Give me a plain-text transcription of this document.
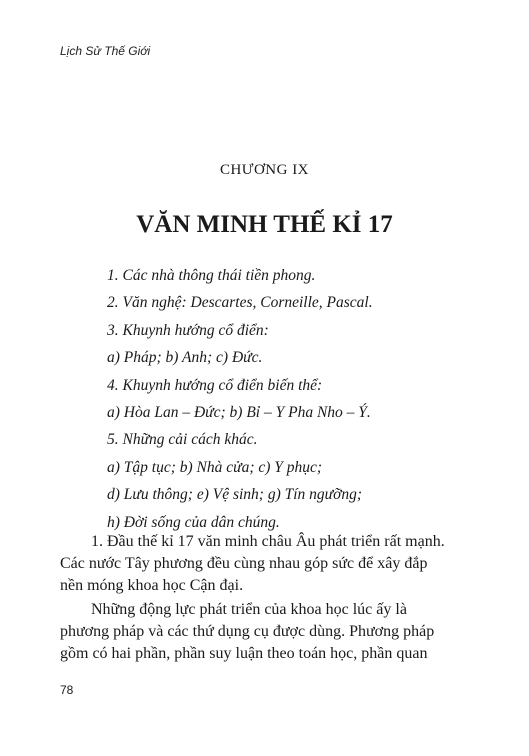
Lịch Sử Thế Giới
CHƯƠNG IX
VĂN MINH THẾ KỈ 17
1. Các nhà thông thái tiền phong.
2. Văn nghệ: Descartes, Corneille, Pascal.
3. Khuynh hướng cổ điển:
a) Pháp; b) Anh; c) Đức.
4. Khuynh hướng cổ điển biến thể:
a) Hòa Lan – Đức; b) Bỉ – Y Pha Nho – Ý.
5. Những cải cách khác.
a) Tập tục; b) Nhà cửa; c) Y phục;
d) Lưu thông; e) Vệ sinh; g) Tín ngưỡng;
h) Đời sống của dân chúng.

1. Đầu thế kỉ 17 văn minh châu Âu phát triển rất mạnh.
Các nước Tây phương đều cùng nhau góp sức để xây đắp
nền móng khoa học Cận đại.

Những động lực phát triển của khoa học lúc ấy là
phương pháp và các thứ dụng cụ được dùng. Phương pháp
gồm có hai phần, phần suy luận theo toán học, phần quan

78
